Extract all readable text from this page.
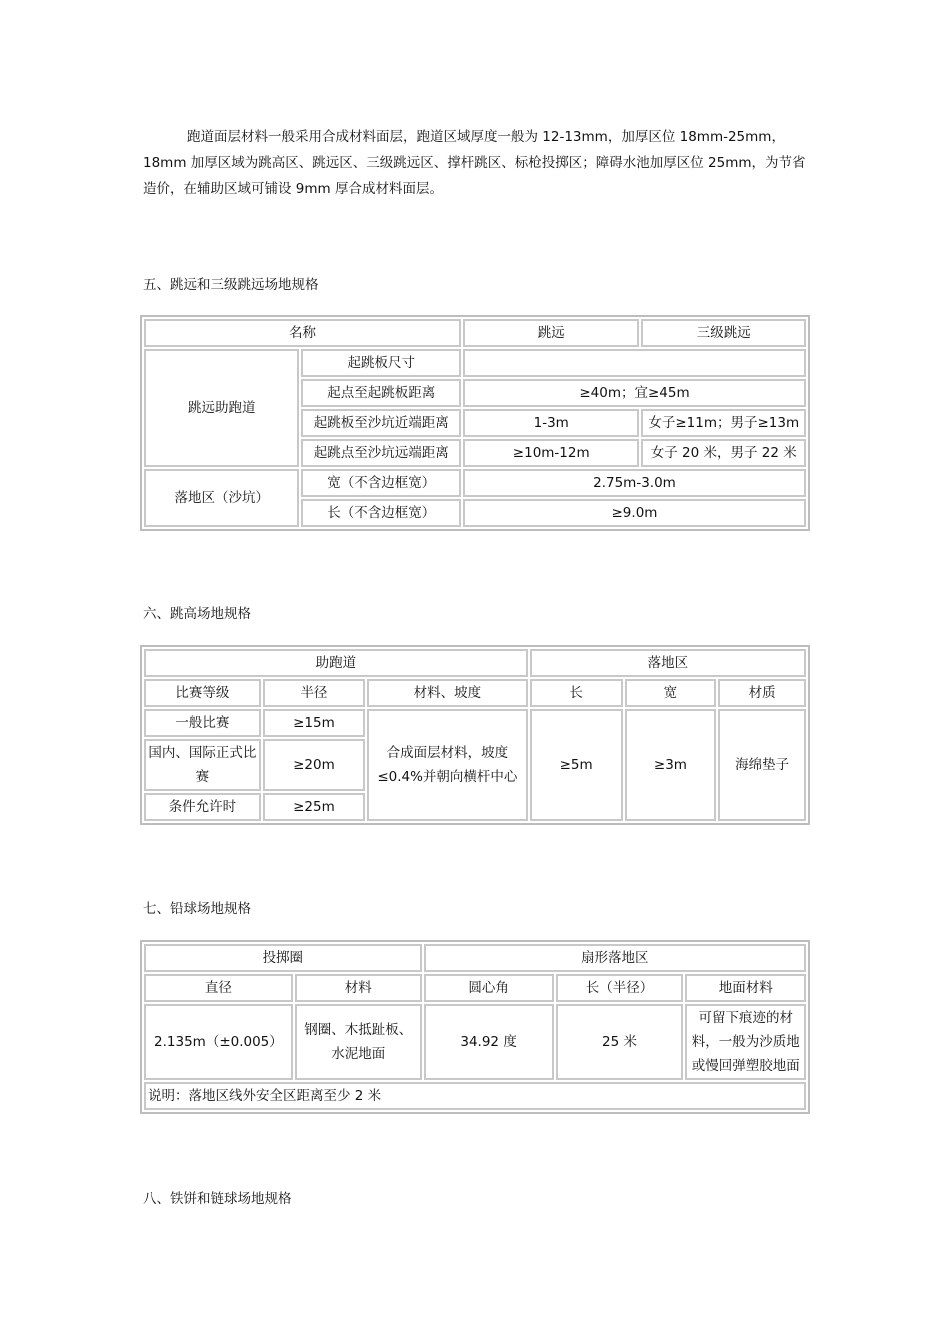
跑道面层材料一般采用合成材料面层，跑道区域厚度一般为 12-13mm，加厚区位 18mm-25mm，18mm 加厚区域为跳高区、跳远区、三级跳远区、撑杆跳区、标枪投掷区；障碍水池加厚区位 25mm，为节省造价，在辅助区域可铺设 9mm 厚合成材料面层。

五、跳远和三级跳远场地规格
名称		跳远	三级跳远
跳远助跑道	起跳板尺寸		
	起点至起跳板距离	≥40m；宜≥45m	
	起跳板至沙坑近端距离	1-3m	女子≥11m；男子≥13m
	起跳点至沙坑远端距离	≥10m-12m	女子 20 米，男子 22 米
落地区（沙坑）	宽（不含边框宽）	2.75m-3.0m	
	长（不含边框宽）	≥9.0m	
六、跳高场地规格
助跑道			落地区		
比赛等级	半径	材料、坡度	长	宽	材质
一般比赛	≥15m	合成面层材料，坡度≤0.4%并朝向横杆中心	≥5m	≥3m	海绵垫子
国内、国际正式比赛	≥20m				
条件允许时	≥25m				
七、铅球场地规格
投掷圈		扇形落地区		
直径	材料	圆心角	长（半径）	地面材料
2.135m（±0.005）	钢圈、木抵趾板、水泥地面	34.92 度	25 米	可留下痕迹的材料，一般为沙质地或慢回弹塑胶地面
说明：落地区线外安全区距离至少 2 米				
八、铁饼和链球场地规格
